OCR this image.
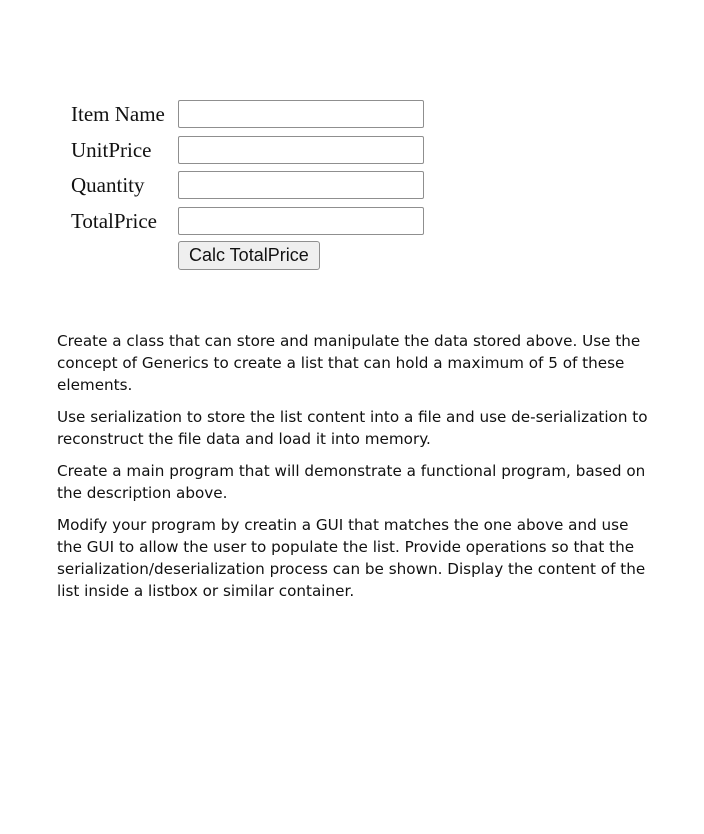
Item Name
UnitPrice
Quantity
TotalPrice
Calc TotalPrice

Create a class that can store and manipulate the data stored above. Use the concept of Generics to create a list that can hold a maximum of 5 of these elements.

Use serialization to store the list content into a file and use de-serialization to reconstruct the file data and load it into memory.

Create a main program that will demonstrate a functional program, based on the description above.

Modify your program by creatin a GUI that matches the one above and use the GUI to allow the user to populate the list. Provide operations so that the serialization/deserialization process can be shown. Display the content of the list inside a listbox or similar container.
